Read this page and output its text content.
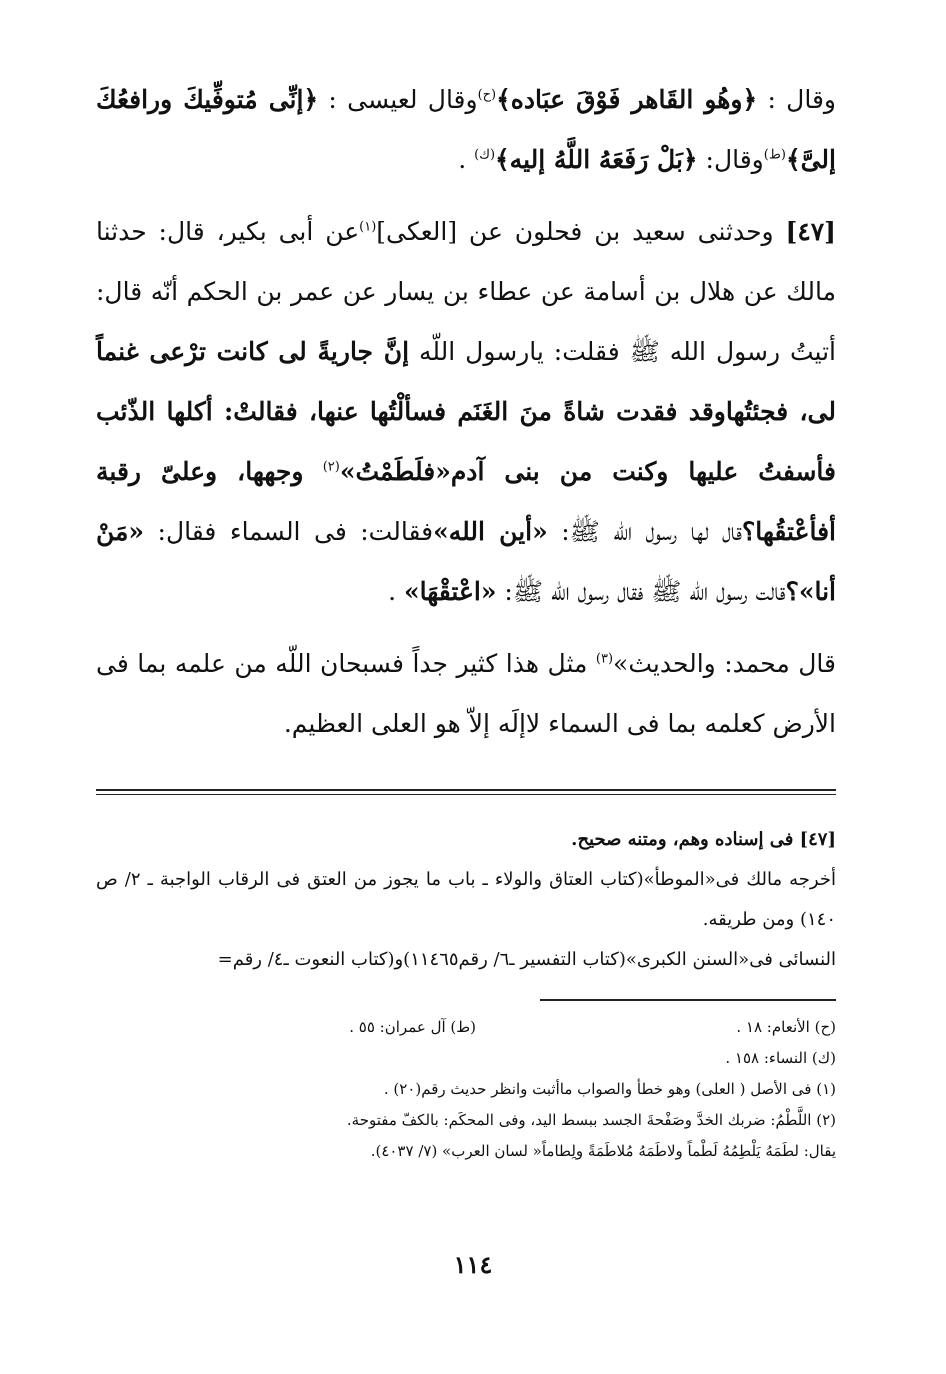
وقال : ﴿وهُو القَاهر فَوْقَ عبَاده﴾$^{(ح)}$وقال لعيسى : ﴿إنِّى مُتوفِّيكَ ورافعُكَ إلىَّ﴾$^{(ط)}$وقال: ﴿بَلْ رَفَعَهُ اللَّهُ إليه﴾$^{(ك)}$ .

[٤٧] وحدثنى سعيد بن فحلون عن [العكى]$^{(١)}$عن أبى بكير، قال: حدثنا مالك عن هلال بن أسامة عن عطاء بن يسار عن عمر بن الحكم أنّه قال: أتيتُ رسول الله ﷺ فقلت: يارسول اللّه إنَّ جاريةً لى كانت ترْعى غنماً لى، فجئتُهاوقد فقدت شاةً منَ الغَنَم فسألْتُها عنها، فقالتْ: أكلها الذّئب فأسفتُ عليها وكنت من بنى آدم«فلَطَمْتُ»$^{(٢)}$ وجهها، وعلىّ رقبة أفأعْتقُها؟قال لها رسول الله ﷺ: «أين الله»فقالت: فى السماء فقال: «مَنْ أنا»؟قالت رسول الله ﷺ فقال رسول الله ﷺ: «اعْتقْهَا» .

قال محمد: والحديث»$^{(٣)}$ مثل هذا كثير جداً فسبحان اللّه من علمه بما فى الأرض كعلمه بما فى السماء لاإلَه إلاّ هو العلى العظيم.

[٤٧] فى إسناده وهم، ومتنه صحيح.

أخرجه مالك فى«الموطأ»(كتاب العتاق والولاء ـ باب ما يجوز من العتق فى الرقاب الواجبة ـ ٢/ ص ١٤٠) ومن طريقه.

النسائى فى«السنن الكبرى»(كتاب التفسير ـ٦/ رقم١١٤٦٥)و(كتاب النعوت ـ٤/ رقم=

(ح) الأنعام: ١٨ .
(ط) آل عمران: ٥٥ .

(ك) النساء: ١٥٨ .

(١) فى الأصل ( العلى) وهو خطأ والصواب ماأثبت وانظر حديث رقم(٢٠) .

(٢) اللَّطْمُ: ضربك الخدَّ وصَفْحةَ الجسد ببسط اليد، وفى المحكَم: بالكفّ مفتوحة.

يقال: لطَمَهُ يَلْطِمُهُ لَطْماً ولاطَمَهُ مُلاطَمَةً ولِطاماً« لسان العرب» (٧/ ٤٠٣٧).

١١٤
